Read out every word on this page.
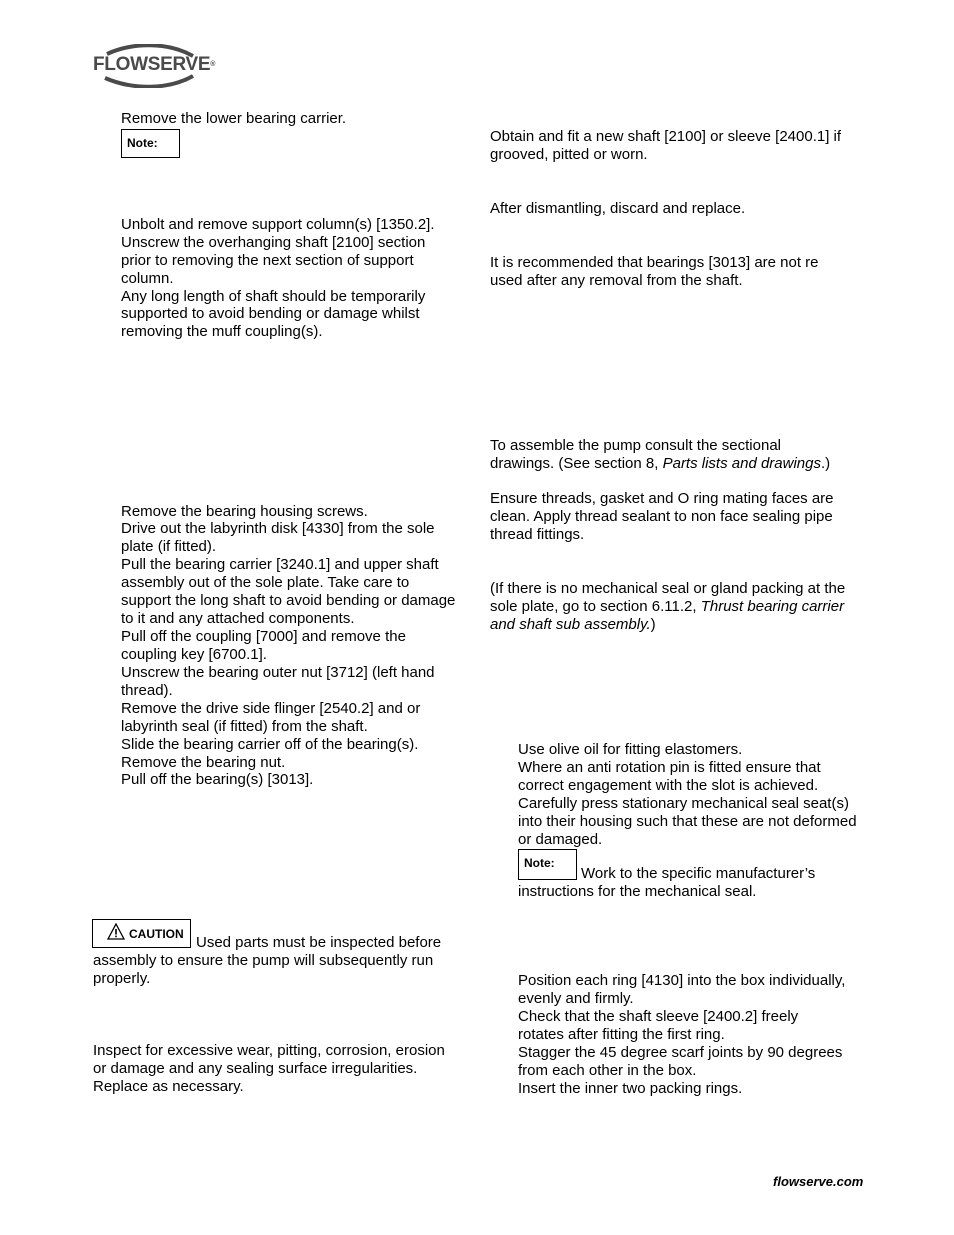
FLOWSERVE®
Remove the lower bearing carrier.
Note:
Unbolt and remove support column(s) [1350.2].
Unscrew the overhanging shaft [2100] section
prior to removing the next section of support
column.
Any long length of shaft should be temporarily
supported to avoid bending or damage whilst
removing the muff coupling(s).
Remove the bearing housing screws.
Drive out the labyrinth disk [4330] from the sole
plate (if fitted).
Pull the bearing carrier [3240.1] and upper shaft
assembly out of the sole plate. Take care to
support the long shaft to avoid bending or damage
to it and any attached components.
Pull off the coupling [7000] and remove the
coupling key [6700.1].
Unscrew the bearing outer nut [3712] (left hand
thread).
Remove the drive side flinger [2540.2] and or
labyrinth seal (if fitted) from the shaft.
Slide the bearing carrier off of the bearing(s).
Remove the bearing nut.
Pull off the bearing(s) [3013].
CAUTION Used parts must be inspected before
assembly to ensure the pump will subsequently run
properly.
Inspect for excessive wear, pitting, corrosion, erosion
or damage and any sealing surface irregularities.
Replace as necessary.
Obtain and fit a new shaft [2100] or sleeve [2400.1] if
grooved, pitted or worn.
After dismantling, discard and replace.
It is recommended that bearings [3013] are not re
used after any removal from the shaft.
To assemble the pump consult the sectional
drawings. (See section 8, Parts lists and drawings.)
Ensure threads, gasket and O ring mating faces are
clean. Apply thread sealant to non face sealing pipe
thread fittings.
(If there is no mechanical seal or gland packing at the
sole plate, go to section 6.11.2, Thrust bearing carrier
and shaft sub assembly.)
Use olive oil for fitting elastomers.
Where an anti rotation pin is fitted ensure that
correct engagement with the slot is achieved.
Carefully press stationary mechanical seal seat(s)
into their housing such that these are not deformed
or damaged.
Note:
Work to the specific manufacturer’s
instructions for the mechanical seal.
Position each ring [4130] into the box individually,
evenly and firmly.
Check that the shaft sleeve [2400.2] freely
rotates after fitting the first ring.
Stagger the 45 degree scarf joints by 90 degrees
from each other in the box.
Insert the inner two packing rings.
flowserve.com
